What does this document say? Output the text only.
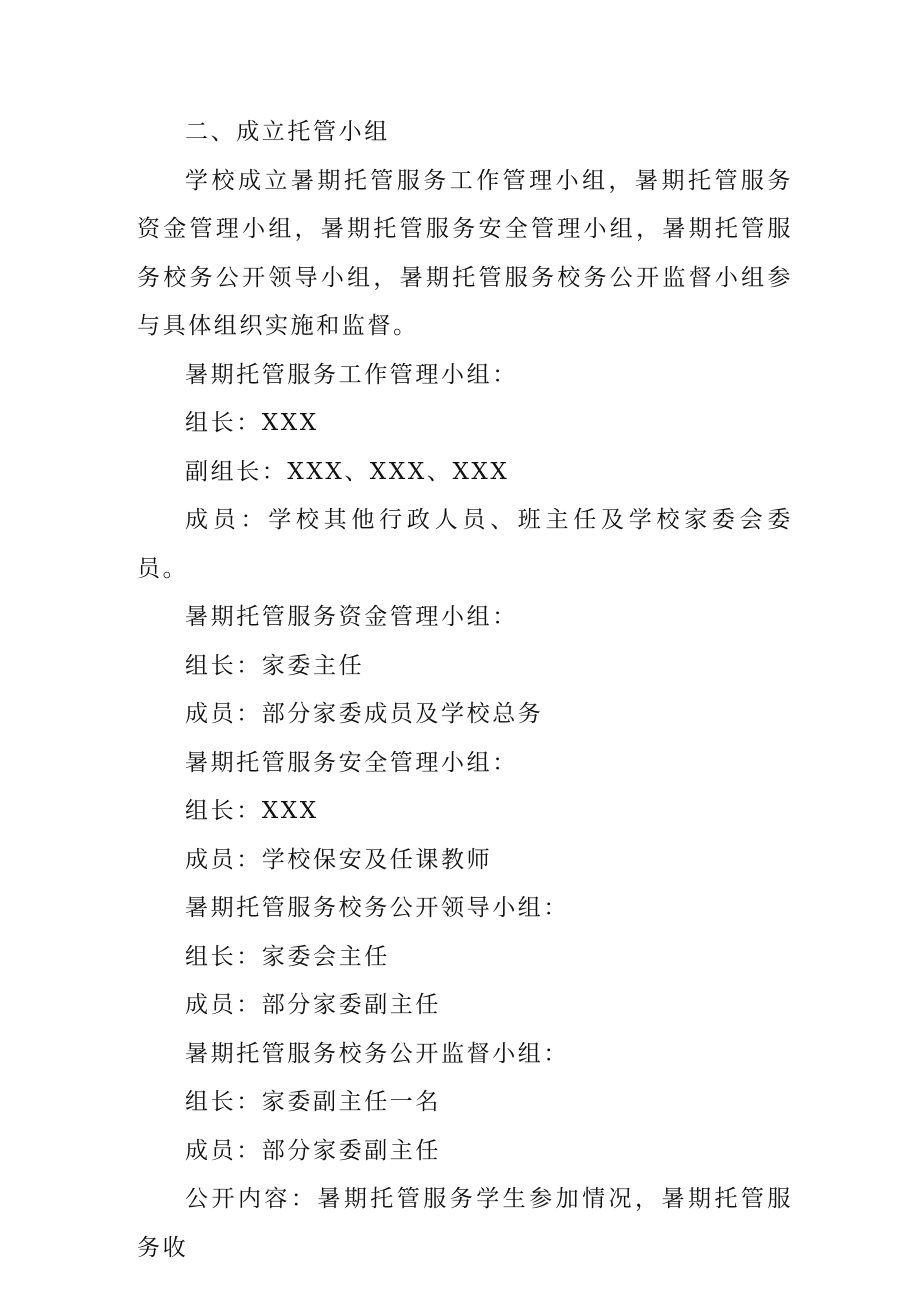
二、成立托管小组

学校成立暑期托管服务工作管理小组，暑期托管服务资金管理小组，暑期托管服务安全管理小组，暑期托管服务校务公开领导小组，暑期托管服务校务公开监督小组参与具体组织实施和监督。

暑期托管服务工作管理小组：

组长：XXX

副组长：XXX、XXX、XXX

成员：学校其他行政人员、班主任及学校家委会委员。

暑期托管服务资金管理小组：

组长：家委主任

成员：部分家委成员及学校总务

暑期托管服务安全管理小组：

组长：XXX

成员：学校保安及任课教师

暑期托管服务校务公开领导小组：

组长：家委会主任

成员：部分家委副主任

暑期托管服务校务公开监督小组：

组长：家委副主任一名

成员：部分家委副主任

公开内容：暑期托管服务学生参加情况，暑期托管服务收
